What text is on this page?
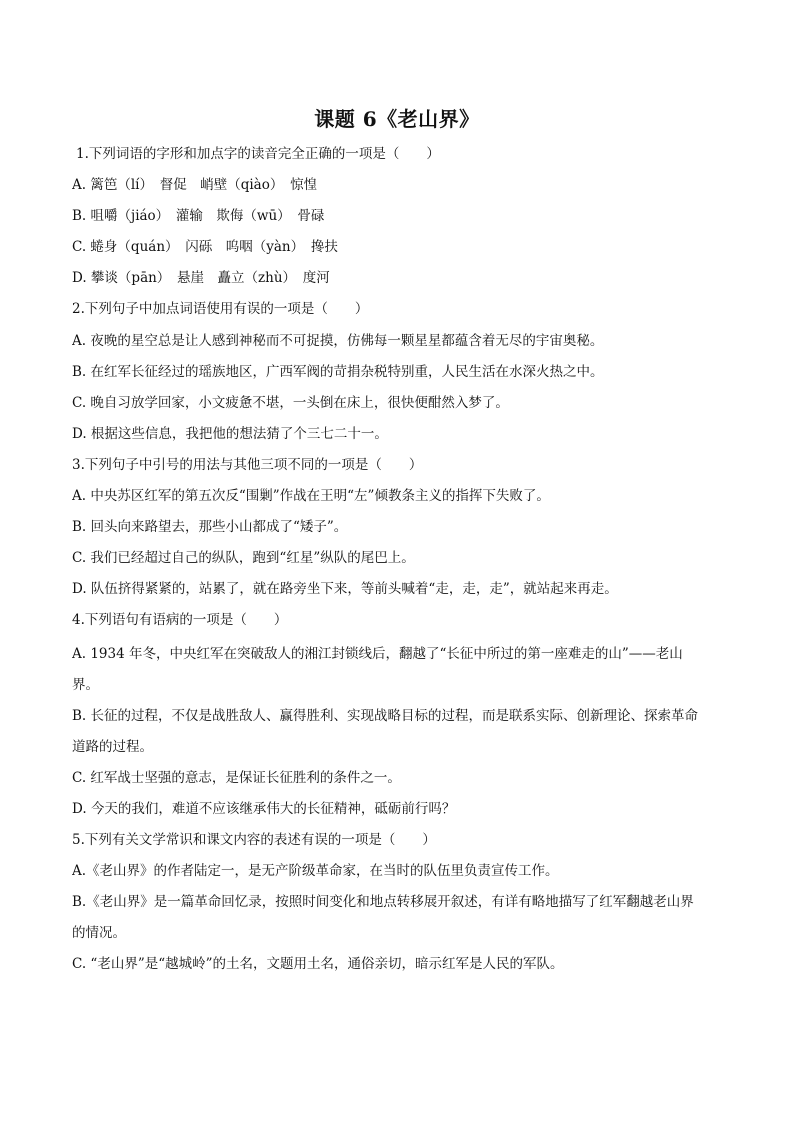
课题 6《老山界》
1.下列词语的字形和加点字的读音完全正确的一项是（　　）
A. 篱笆（lí）　督促　峭壁（qiào）　惊惶
B. 咀嚼（jiáo）　灌输　欺侮（wū）　骨碌
C. 蜷身（quán）　闪砾　呜咽（yàn）　搀扶
D. 攀谈（pān）　悬崖　矗立（zhù）　度河
2.下列句子中加点词语使用有误的一项是（　　）
A. 夜晚的星空总是让人感到神秘而不可捉摸，仿佛每一颗星星都蕴含着无尽的宇宙奥秘。
B. 在红军长征经过的瑶族地区，广西军阀的苛捐杂税特别重，人民生活在水深火热之中。
C. 晚自习放学回家，小文疲惫不堪，一头倒在床上，很快便酣然入梦了。
D. 根据这些信息，我把他的想法猜了个三七二十一。
3.下列句子中引号的用法与其他三项不同的一项是（　　）
A. 中央苏区红军的第五次反“围剿”作战在王明“左”倾教条主义的指挥下失败了。
B. 回头向来路望去，那些小山都成了“矮子”。
C. 我们已经超过自己的纵队，跑到“红星”纵队的尾巴上。
D. 队伍挤得紧紧的，站累了，就在路旁坐下来，等前头喊着“走，走，走”，就站起来再走。
4.下列语句有语病的一项是（　　）
A. 1934 年冬，中央红军在突破敌人的湘江封锁线后，翻越了“长征中所过的第一座难走的山”——老山
界。
B. 长征的过程，不仅是战胜敌人、赢得胜利、实现战略目标的过程，而是联系实际、创新理论、探索革命
道路的过程。
C. 红军战士坚强的意志，是保证长征胜利的条件之一。
D. 今天的我们，难道不应该继承伟大的长征精神，砥砺前行吗？
5.下列有关文学常识和课文内容的表述有误的一项是（　　）
A.《老山界》的作者陆定一，是无产阶级革命家，在当时的队伍里负责宣传工作。
B.《老山界》是一篇革命回忆录，按照时间变化和地点转移展开叙述，有详有略地描写了红军翻越老山界
的情况。
C. “老山界”是“越城岭”的土名，文题用土名，通俗亲切，暗示红军是人民的军队。
